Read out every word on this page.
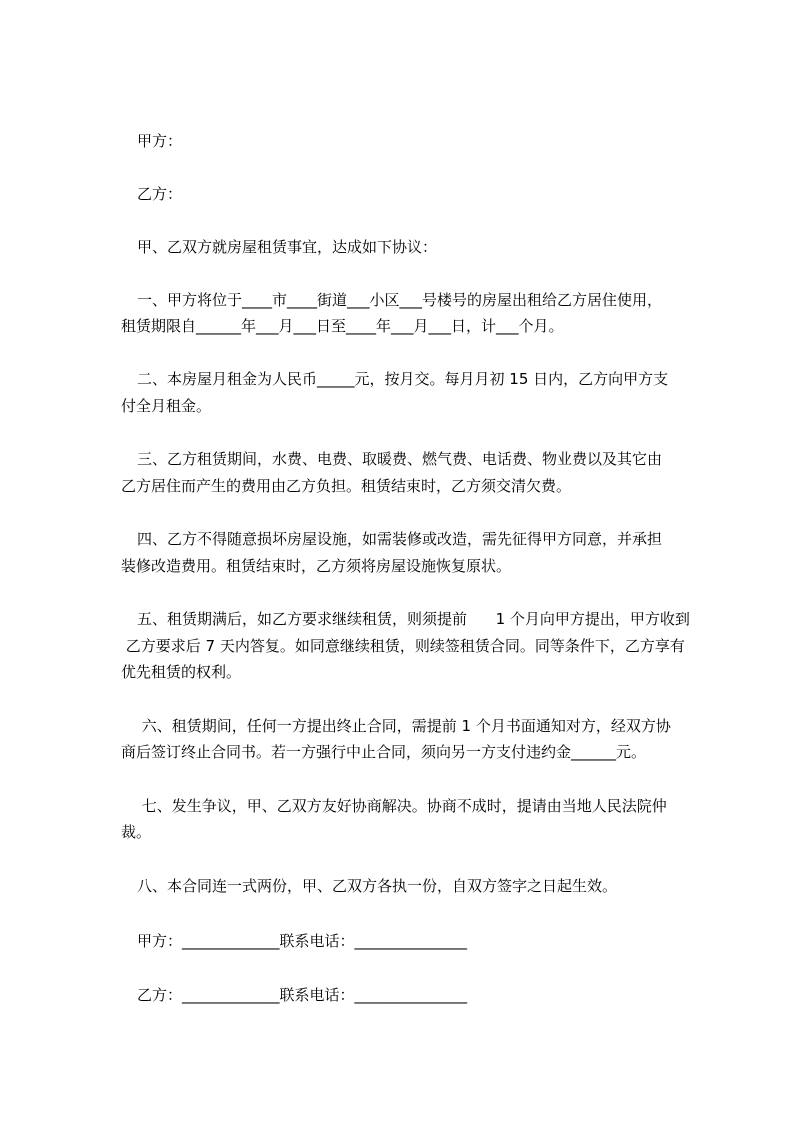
甲方：
乙方：
甲、乙双方就房屋租赁事宜，达成如下协议：
一、甲方将位于____市____街道___小区___号楼号的房屋出租给乙方居住使用，
租赁期限自______年___月___日至____年___月___日，计___个月。
二、本房屋月租金为人民币_____元，按月交。每月月初 15 日内，乙方向甲方支
付全月租金。
三、乙方租赁期间，水费、电费、取暖费、燃气费、电话费、物业费以及其它由
乙方居住而产生的费用由乙方负担。租赁结束时，乙方须交清欠费。
四、乙方不得随意损坏房屋设施，如需装修或改造，需先征得甲方同意，并承担
装修改造费用。租赁结束时，乙方须将房屋设施恢复原状。
五、租赁期满后，如乙方要求继续租赁，则须提前      1 个月向甲方提出，甲方收到
乙方要求后 7 天内答复。如同意继续租赁，则续签租赁合同。同等条件下，乙方享有
优先租赁的权利。
六、租赁期间，任何一方提出终止合同，需提前 1 个月书面通知对方，经双方协
商后签订终止合同书。若一方强行中止合同，须向另一方支付违约金______元。
七、发生争议，甲、乙双方友好协商解决。协商不成时，提请由当地人民法院仲
裁。
八、本合同连一式两份，甲、乙双方各执一份，自双方签字之日起生效。
甲方：_____________联系电话：_______________
乙方：_____________联系电话：_______________
